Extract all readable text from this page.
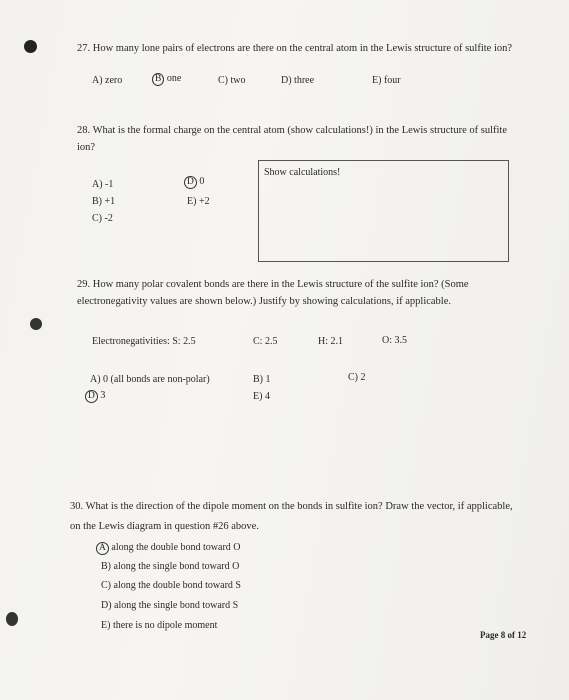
27. How many lone pairs of electrons are there on the central atom in the Lewis structure of sulfite ion?
A) zero	B one	C) two	D) three	E) four
28. What is the formal charge on the central atom (show calculations!) in the Lewis structure of sulfite ion?
A) -1
B) +1
C) -2
D 0
E) +2
Show calculations!
29. How many polar covalent bonds are there in the Lewis structure of the sulfite ion? (Some electronegativity values are shown below.) Justify by showing calculations, if applicable.
Electronegativities: S: 2.5	C: 2.5	H: 2.1	O: 3.5
A) 0 (all bonds are non-polar)	B) 1	C) 2
D 3	E) 4
30. What is the direction of the dipole moment on the bonds in sulfite ion? Draw the vector, if applicable, on the Lewis diagram in question #26 above.
A along the double bond toward O
B) along the single bond toward O
C) along the double bond toward S
D) along the single bond toward S
E) there is no dipole moment
Page 8 of 12
